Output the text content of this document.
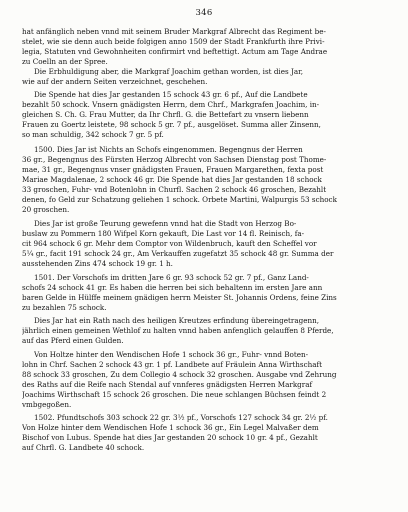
346
hat anfänglich neben vnnd mit seinem Bruder Markgraf Albrecht das Regiment be-
stelet, wie sie denn auch beide folgigen anno 1509 der Stadt Frankfurth ihre Privi-
legia, Statuten vnd Gewohnheiten confirmirt vnd beftettigt. Actum am Tage Andrae
zu Coelln an der Spree.
Die Erbhuldigung aber, die Markgraf Joachim gethan worden, ist dies Jar,
wie auf der andern Seiten verzeichnet, geschehen.
Die Spende hat dies Jar gestanden 15 schock 43 gr. 6 pf., Auf die Landbete
bezahlt 50 schock. Vnsern gnädigsten Herrn, dem Chrf., Markgrafen Joachim, in-
gleichen S. Ch. G. Frau Mutter, da Ihr Chrfl. G. die Bettefart zu vnsern liebenn
Frauen zu Goertz leistete, 98 schock 5 gr. 7 pf., ausgelöset. Summa aller Zinsenn,
so man schuldig, 342 schock 7 gr. 5 pf.
1500. Dies Jar ist Nichts an Schofs eingenommen. Begengnus der Herren
36 gr., Begengnus des Fürsten Herzog Albrecht von Sachsen Dienstag post Thome-
mae, 31 gr., Begengnus vnser gnädigsten Frauen, Frauen Margarethen, fexta post
Mariae Magdalenae, 2 schock 46 gr. Die Spende hat dies Jar gestanden 18 schock
33 groschen, Fuhr- vnd Botenlohn in Churfl. Sachen 2 schock 46 groschen, Bezahlt
denen, fo Geld zur Schatzung geliehen 1 schock. Orbete Martini, Walpurgis 53 schock
20 groschen.
Dies Jar ist große Teurung gewefenn vnnd hat die Stadt von Herzog Bo-
buslaw zu Pommern 180 Wifpel Korn gekauft, Die Last vor 14 fl. Reinisch, fa-
cit 964 schock 6 gr. Mehr dem Comptor von Wildenbruch, kauft den Scheffel vor
5¼ gr., facit 191 schock 24 gr., Am Verkauffen zugefatzt 35 schock 48 gr. Summa der
ausstehenden Zins 474 schock 19 gr. 1 h.
1501. Der Vorschofs im dritten Jare 6 gr. 93 schock 52 gr. 7 pf., Ganz Land-
schofs 24 schock 41 gr. Es haben die herren bei sich behaltenn im ersten Jare ann
baren Gelde in Hülffe meinem gnädigen herrn Meister St. Johannis Ordens, feine Zins
zu bezahlen 75 schock.
Dies Jar hat ein Rath nach des heiligen Kreutzes erfindung übereingetragenn,
jährlich einen gemeinen Wethlof zu halten vnnd haben anfenglich gelauffen 8 Pferde,
auf das Pferd einen Gulden.
Von Holtze hinter den Wendischen Hofe 1 schock 36 gr., Fuhr- vnnd Boten-
lohn in Chrf. Sachen 2 schock 43 gr. 1 pf. Landbete auf Fräulein Anna Wirthschaft
88 schock 33 groschen, Zu dem Collegio 4 schock 32 groschen. Ausgabe vnd Zehrung
des Raths auf die Reife nach Stendal auf vnnferes gnädigsten Herren Markgraf
Joachims Wirthschaft 15 schock 26 groschen. Die neue schlangen Büchsen feindt 2
vmbgegoßen.
1502. Pfundtschofs 303 schock 22 gr. 3½ pf., Vorschofs 127 schock 34 gr. 2½ pf.
Von Holze hinter dem Wendischen Hofe 1 schock 36 gr., Ein Legel Malvaßer dem
Bischof von Lubus. Spende hat dies Jar gestanden 20 schock 10 gr. 4 pf., Gezahlt
auf Chrfl. G. Landbete 40 schock.
